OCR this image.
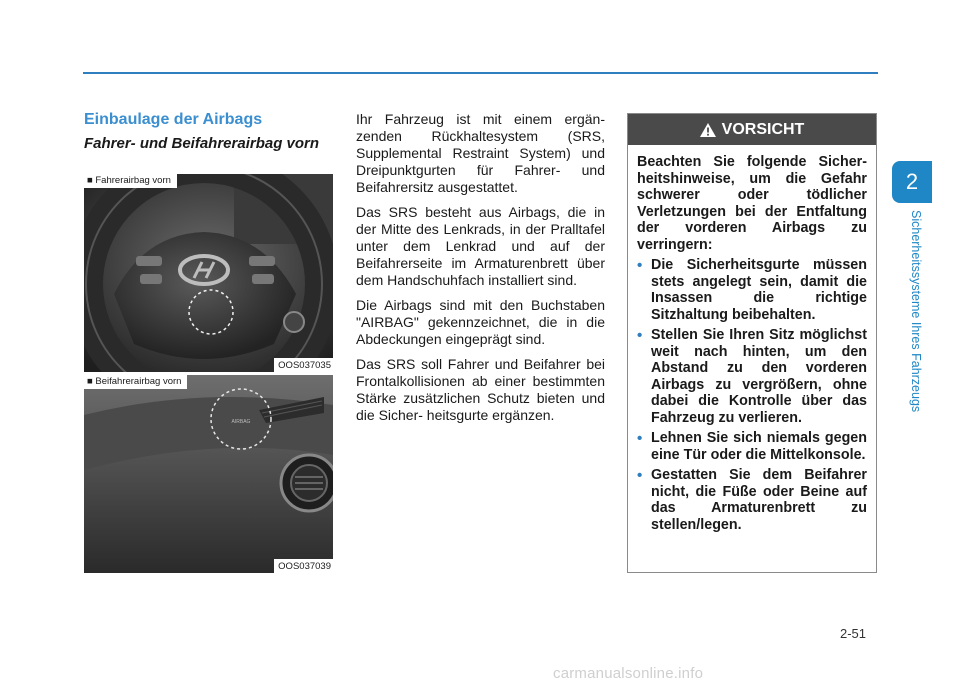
Einbaulage der Airbags
Fahrer- und Beifahrerairbag vorn
■ Fahrerairbag vorn
OOS037035
AIRBAG
■ Beifahrerairbag vorn
OOS037039

Ihr Fahrzeug ist mit einem ergän- zenden Rückhaltesystem (SRS, Supplemental Restraint System) und Dreipunktgurten für Fahrer- und Beifahrersitz ausgestattet.

Das SRS besteht aus Airbags, die in der Mitte des Lenkrads, in der Pralltafel unter dem Lenkrad und auf der Beifahrerseite im Armaturenbrett über dem Handschuhfach installiert sind.

Die Airbags sind mit den Buchstaben "AIRBAG" gekennzeichnet, die in die Abdeckungen eingeprägt sind.

Das SRS soll Fahrer und Beifahrer bei Frontalkollisionen ab einer bestimmten Stärke zusätzlichen Schutz bieten und die Sicher- heitsgurte ergänzen.

VORSICHT

Beachten Sie folgende Sicher- heitshinweise, um die Gefahr schwerer oder tödlicher Verletzungen bei der Entfaltung der vorderen Airbags zu verringern:

• Die Sicherheitsgurte müssen stets angelegt sein, damit die Insassen die richtige Sitzhaltung beibehalten.
• Stellen Sie Ihren Sitz möglichst weit nach hinten, um den Abstand zu den vorderen Airbags zu vergrößern, ohne dabei die Kontrolle über das Fahrzeug zu verlieren.
• Lehnen Sie sich niemals gegen eine Tür oder die Mittelkonsole.
• Gestatten Sie dem Beifahrer nicht, die Füße oder Beine auf das Armaturenbrett zu stellen/legen.
2
Sicherheitssysteme Ihres Fahrzeugs
2-51
carmanualsonline.info
